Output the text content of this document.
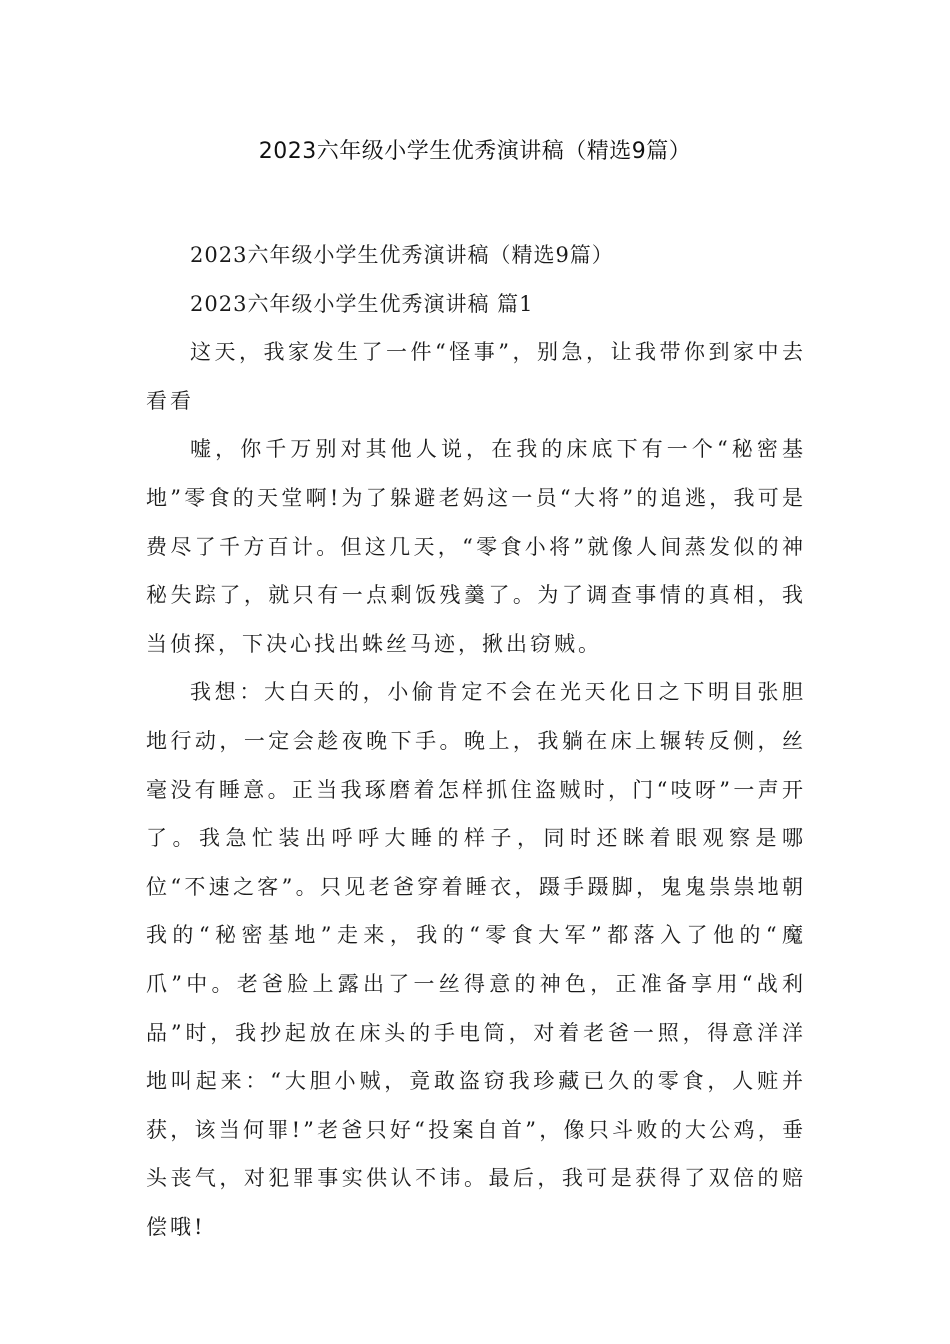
2023六年级小学生优秀演讲稿（精选9篇）

2023六年级小学生优秀演讲稿（精选9篇）

2023六年级小学生优秀演讲稿 篇1

这天，我家发生了一件“怪事”，别急，让我带你到家中去看看

嘘，你千万别对其他人说，在我的床底下有一个“秘密基地”零食的天堂啊!为了躲避老妈这一员“大将”的追逃，我可是费尽了千方百计。但这几天，“零食小将”就像人间蒸发似的神秘失踪了，就只有一点剩饭残羹了。为了调查事情的真相，我当侦探，下决心找出蛛丝马迹，揪出窃贼。

我想：大白天的，小偷肯定不会在光天化日之下明目张胆地行动，一定会趁夜晚下手。晚上，我躺在床上辗转反侧，丝毫没有睡意。正当我琢磨着怎样抓住盗贼时，门“吱呀”一声开了。我急忙装出呼呼大睡的样子，同时还眯着眼观察是哪位“不速之客”。只见老爸穿着睡衣，蹑手蹑脚，鬼鬼祟祟地朝我的“秘密基地”走来，我的“零食大军”都落入了他的“魔爪”中。老爸脸上露出了一丝得意的神色，正准备享用“战利品”时，我抄起放在床头的手电筒，对着老爸一照，得意洋洋地叫起来：“大胆小贼，竟敢盗窃我珍藏已久的零食，人赃并获，该当何罪!”老爸只好“投案自首”，像只斗败的大公鸡，垂头丧气，对犯罪事实供认不讳。最后，我可是获得了双倍的赔偿哦!
